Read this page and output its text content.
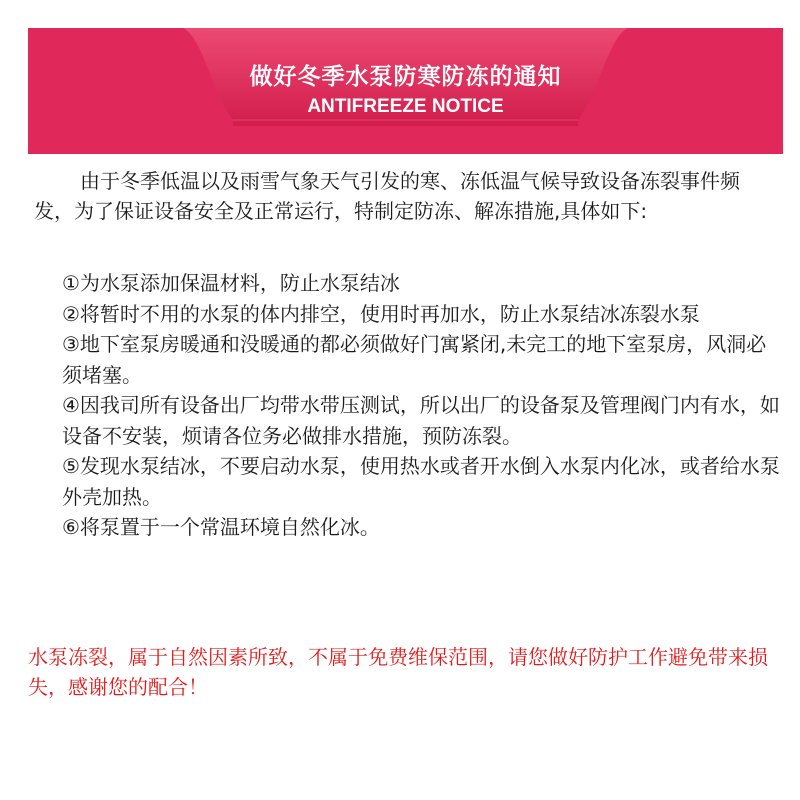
做好冬季水泵防寒防冻的通知
ANTIFREEZE NOTICE

由于冬季低温以及雨雪气象天气引发的寒、冻低温气候导致设备冻裂事件频发，为了保证设备安全及正常运行，特制定防冻、解冻措施,具体如下:

①为水泵添加保温材料，防止水泵结冰
②将暂时不用的水泵的体内排空，使用时再加水，防止水泵结冰冻裂水泵
③地下室泵房暖通和没暖通的都必须做好门寓紧闭,未完工的地下室泵房，风洞必须堵塞。
④因我司所有设备出厂均带水带压测试，所以出厂的设备泵及管理阀门内有水，如设备不安装，烦请各位务必做排水措施，预防冻裂。
⑤发现水泵结冰，不要启动水泵，使用热水或者开水倒入水泵内化冰，或者给水泵外壳加热。
⑥将泵置于一个常温环境自然化冰。

水泵冻裂，属于自然因素所致，不属于免费维保范围，请您做好防护工作避免带来损失，感谢您的配合！
